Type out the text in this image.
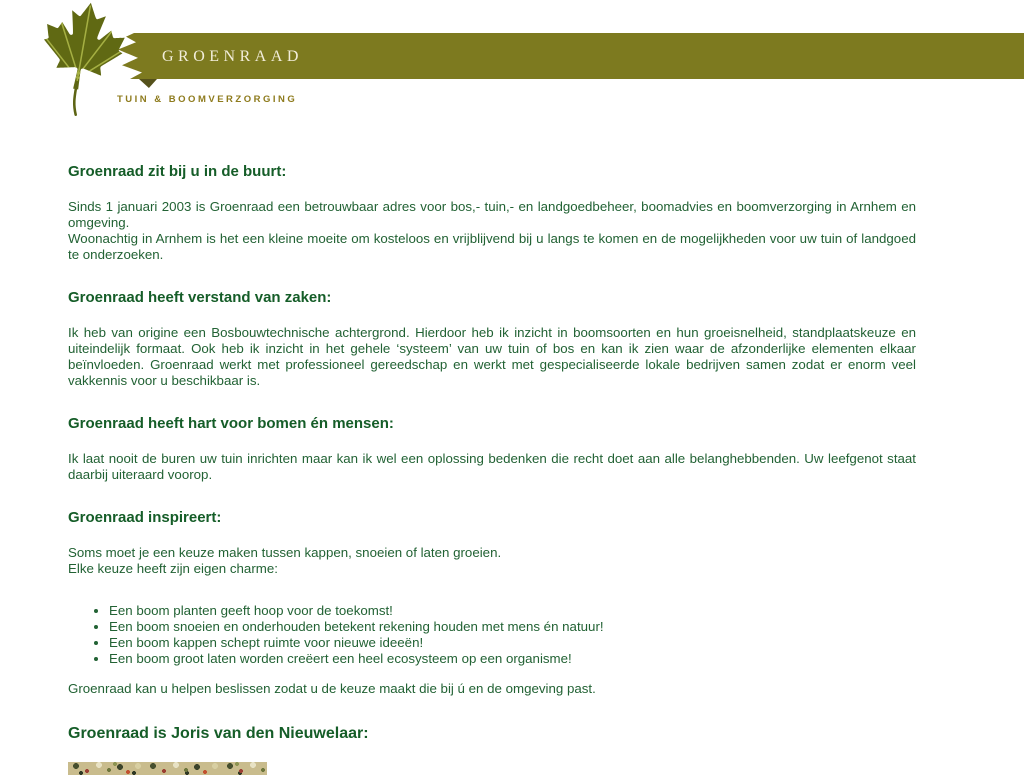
GROENRAAD
TUIN & BOOMVERZORGING
Groenraad zit bij u in de buurt:

Sinds 1 januari 2003 is Groenraad een betrouwbaar adres voor bos,- tuin,- en landgoedbeheer, boomadvies en boomverzorging in Arnhem en omgeving.
Woonachtig in Arnhem is het een kleine moeite om kosteloos en vrijblijvend bij u langs te komen en de mogelijkheden voor uw tuin of landgoed te onderzoeken.

Groenraad heeft verstand van zaken:

Ik heb van origine een Bosbouwtechnische achtergrond. Hierdoor heb ik inzicht in boomsoorten en hun groeisnelheid, standplaatskeuze en uiteindelijk formaat. Ook heb ik inzicht in het gehele ‘systeem’ van uw tuin of bos en kan ik zien waar de afzonderlijke elementen elkaar beïnvloeden. Groenraad werkt met professioneel gereedschap en werkt met gespecialiseerde lokale bedrijven samen zodat er enorm veel vakkennis voor u beschikbaar is.

Groenraad heeft hart voor bomen én mensen:

Ik laat nooit de buren uw tuin inrichten maar kan ik wel een oplossing bedenken die recht doet aan alle belanghebbenden. Uw leefgenot staat daarbij uiteraard voorop.

Groenraad inspireert:

Soms moet je een keuze maken tussen kappen, snoeien of laten groeien.
Elke keuze heeft zijn eigen charme:

• Een boom planten geeft hoop voor de toekomst!
• Een boom snoeien en onderhouden betekent rekening houden met mens én natuur!
• Een boom kappen schept ruimte voor nieuwe ideeën!
• Een boom groot laten worden creëert een heel ecosysteem op een organisme!

Groenraad kan u helpen beslissen zodat u de keuze maakt die bij ú en de omgeving past.

Groenraad is Joris van den Nieuwelaar:
